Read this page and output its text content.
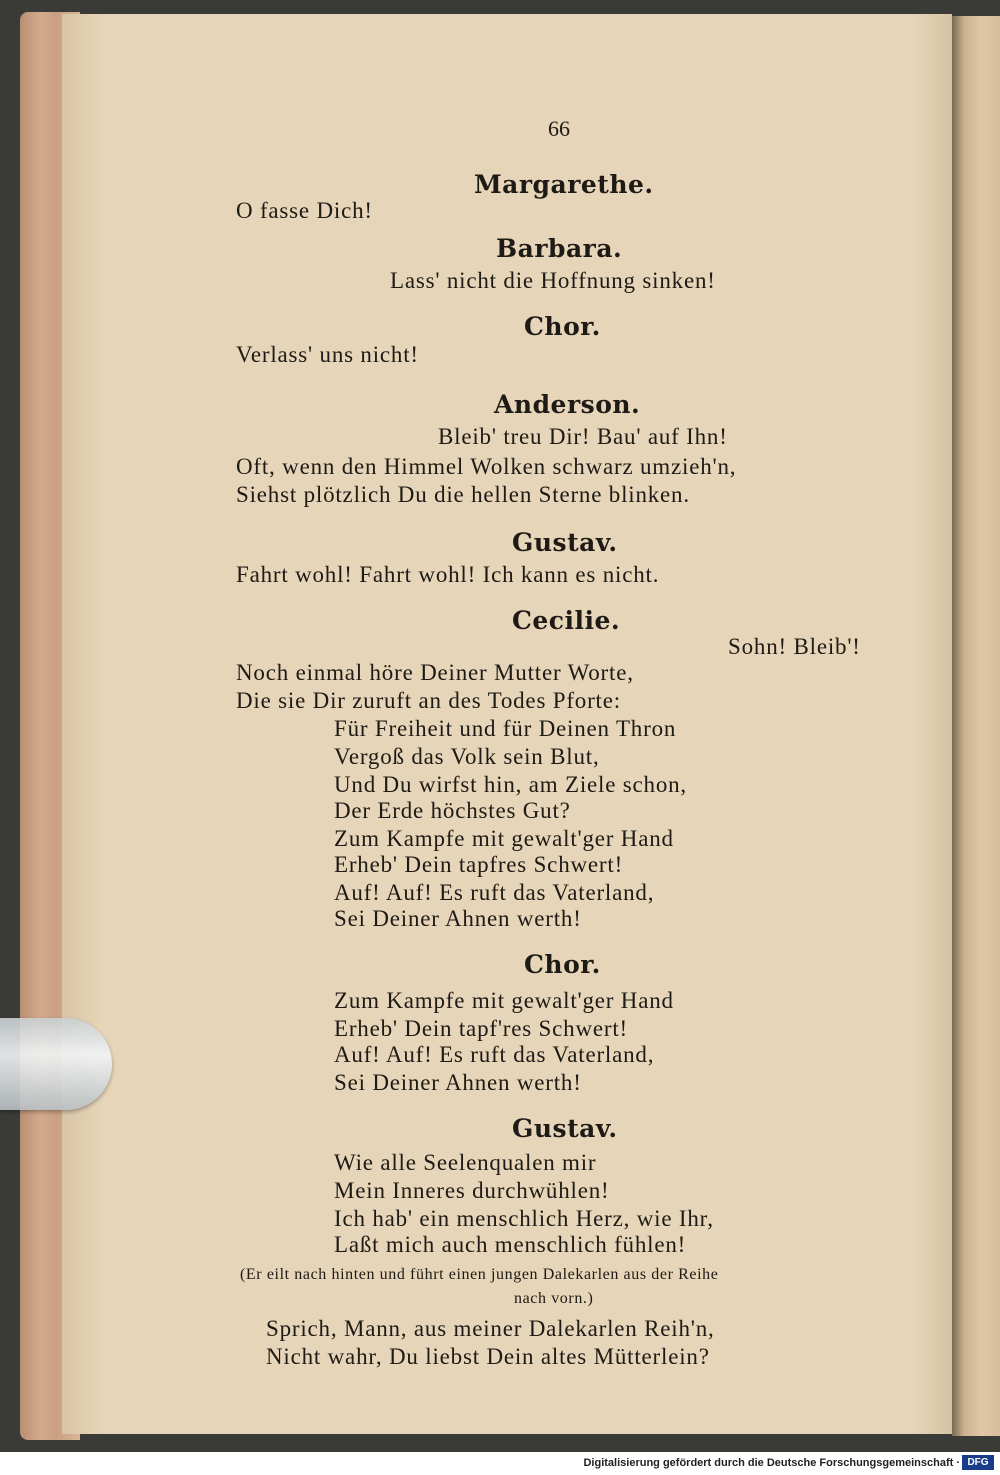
66
Margarethe.
O fasse Dich!
Barbara.
Lass' nicht die Hoffnung sinken!
Chor.
Verlass' uns nicht!
Anderson.
Bleib' treu Dir! Bau' auf Ihn!
Oft, wenn den Himmel Wolken schwarz umzieh'n,
Siehst plötzlich Du die hellen Sterne blinken.
Gustav.
Fahrt wohl! Fahrt wohl! Ich kann es nicht.
Cecilie.
Sohn! Bleib'!
Noch einmal höre Deiner Mutter Worte,
Die sie Dir zuruft an des Todes Pforte:
Für Freiheit und für Deinen Thron
Vergoß das Volk sein Blut,
Und Du wirfst hin, am Ziele schon,
Der Erde höchstes Gut?
Zum Kampfe mit gewalt'ger Hand
Erheb' Dein tapfres Schwert!
Auf! Auf! Es ruft das Vaterland,
Sei Deiner Ahnen werth!
Chor.
Zum Kampfe mit gewalt'ger Hand
Erheb' Dein tapf'res Schwert!
Auf! Auf! Es ruft das Vaterland,
Sei Deiner Ahnen werth!
Gustav.
Wie alle Seelenqualen mir
Mein Inneres durchwühlen!
Ich hab' ein menschlich Herz, wie Ihr,
Laßt mich auch menschlich fühlen!
(Er eilt nach hinten und führt einen jungen Dalekarlen aus der Reihe
nach vorn.)
Sprich, Mann, aus meiner Dalekarlen Reih'n,
Nicht wahr, Du liebst Dein altes Mütterlein?
Digitalisierung gefördert durch die Deutsche Forschungsgemeinschaft · DFG
